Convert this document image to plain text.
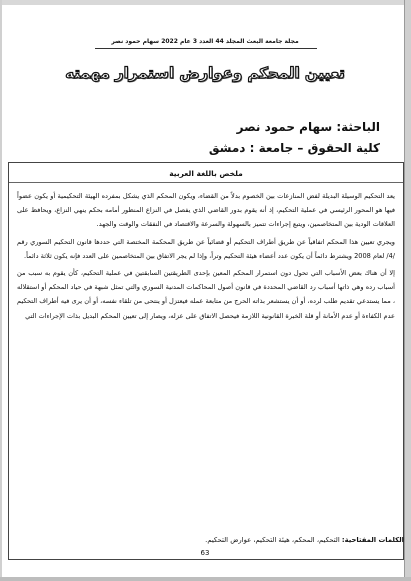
مجلة جامعة البعث المجلد 44 العدد 3 عام 2022 سهام حمود نصر
تعيين المحكم وعوارض استمرار مهمته
الباحثة: سهام حمود نصر
كلية الحقوق – جامعة : دمشق
ملخص باللغة العربية

يعد التحكيم الوسيلة البديلة لفض المنازعات بين الخصوم بدلاً من القضاء، ويكون المحكم الذي يشكل بمفرده الهيئة التحكيمية أو يكون عضواً فيها هو المحور الرئيسي في عملية التحكيم، إذ أنه يقوم بدور القاضي الذي يفصل في النزاع المنظور أمامه بحكم ينهي النزاع، ويحافظ على العلاقات الودية بين المتخاصمين، ويتبع إجراءات تتميز بالسهولة والسرعة والاقتصاد في النفقات والوقت والجهد.

ويجري تعيين هذا المحكم اتفاقياً عن طريق أطراف التحكيم أو قضائياً عن طريق المحكمة المختصة التي حددها قانون التحكيم السوري رقم /4/ لعام 2008 ويشترط دائماً أن يكون عدد أعضاء هيئة التحكيم وتراً، وإذا لم يجر الاتفاق بين المتخاصمين على العدد فإنه يكون ثلاثة دائماً.

إلا أن هناك بعض الأسباب التي تحول دون استمرار المحكم المعين بإحدى الطريقتين السابقتين في عملية التحكيم، كأن يقوم به سبب من أسباب رده وهي ذاتها أسباب رد القاضي المحددة في قانون أصول المحاكمات المدنية السوري والتي تمثل شبهة في حياد المحكم أو استقلاله ، مما يستدعي تقديم طلب لرده، أو أن يستشعر بذاته الحرج من متابعة عمله فيعتزل أو ينتحى من تلقاء نفسه، أو أن يرى فيه أطراف التحكيم عدم الكفاءة أو عدم الأمانة أو قلة الخبرة القانونية اللازمة فيحصل الاتفاق على عزله، ويصار إلى تعيين المحكم البديل بذات الإجراءات التي

الكلمات المفتاحية: التحكيم، المحكم، هيئة التحكيم، عوارض التحكيم.
63
